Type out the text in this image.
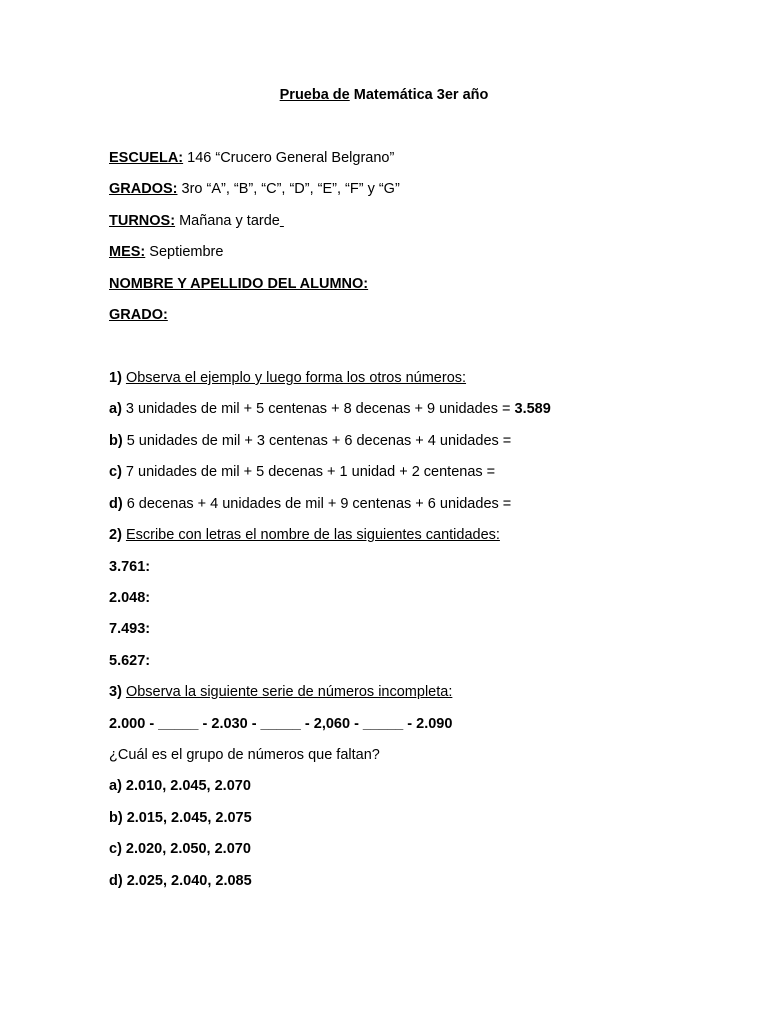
Prueba de Matemática 3er año
ESCUELA: 146 “Crucero General Belgrano”
GRADOS: 3ro “A”, “B”, “C”, “D”, “E”, “F” y “G”
TURNOS: Mañana y tarde
MES: Septiembre
NOMBRE Y APELLIDO DEL ALUMNO:
GRADO:
1) Observa el ejemplo y luego forma los otros números:
a) 3 unidades de mil + 5 centenas + 8 decenas + 9 unidades = 3.589
b) 5 unidades de mil + 3 centenas + 6 decenas + 4 unidades =
c) 7 unidades de mil + 5 decenas + 1 unidad + 2 centenas =
d) 6 decenas + 4 unidades de mil + 9 centenas + 6 unidades =
2) Escribe con letras el nombre de las siguientes cantidades:
3.761:
2.048:
7.493:
5.627:
3) Observa la siguiente serie de números incompleta:
2.000 - _____ - 2.030 - _____ - 2,060 - _____ - 2.090
¿Cuál es el grupo de números que faltan?
a) 2.010, 2.045, 2.070
b) 2.015, 2.045, 2.075
c) 2.020, 2.050, 2.070
d) 2.025, 2.040, 2.085
